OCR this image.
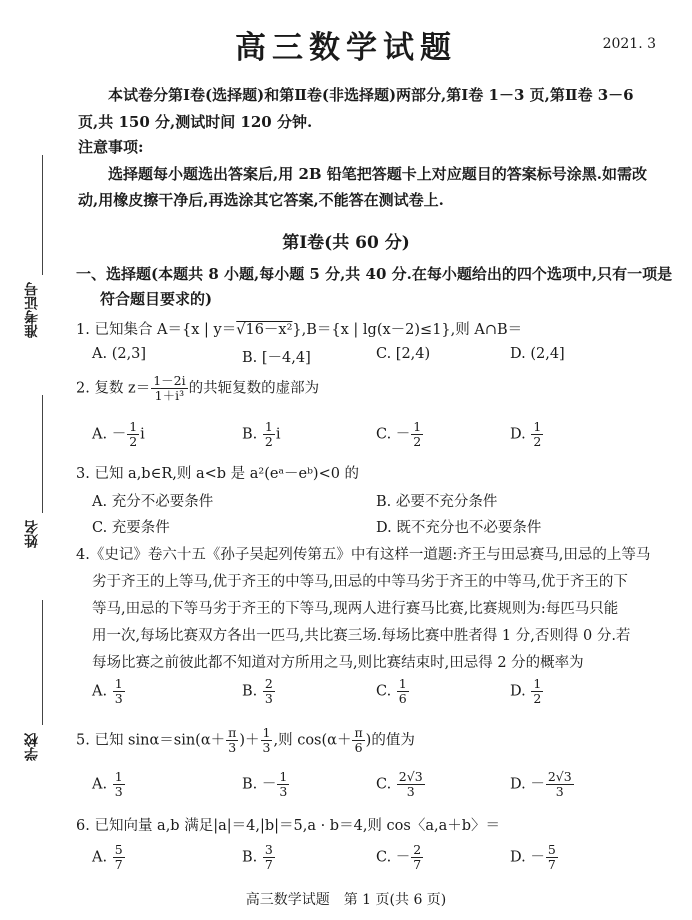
高三数学试题	2021. 3
本试卷分第Ⅰ卷(选择题)和第Ⅱ卷(非选择题)两部分,第Ⅰ卷 1－3 页,第Ⅱ卷 3－6
页,共 150 分,测试时间 120 分钟.
注意事项:
选择题每小题选出答案后,用 2B 铅笔把答题卡上对应题目的答案标号涂黑.如需改
动,用橡皮擦干净后,再选涂其它答案,不能答在测试卷上.
第Ⅰ卷(共 60 分)
一、选择题(本题共 8 小题,每小题 5 分,共 40 分.在每小题给出的四个选项中,只有一项是
符合题目要求的)
准考证号
姓名
学校
1. 已知集合 A＝{x | y＝√16－x²},B＝{x | lg(x－2)≤1},则 A∩B＝
A. (2,3]	B. [－4,4]	C. [2,4)	D. (2,4]
2. 复数 $z= \frac{1-2i}{\text{1＋i³}}$ 的共轭复数的虚部为
A. － $\frac{1}{2}$ i	B. $\frac{1}{2}$ i	C. － $\frac{1}{2}$	D. $\frac{1}{2}$
3. 已知 a,b∈R,则 a<b 是 a²(eᵃ－eᵇ)<0 的
A. 充分不必要条件	B. 必要不充分条件
C. 充要条件	D. 既不充分也不必要条件
4.《史记》卷六十五《孙子吴起列传第五》中有这样一道题:齐王与田忌赛马,田忌的上等马
劣于齐王的上等马,优于齐王的中等马,田忌的中等马劣于齐王的中等马,优于齐王的下
等马,田忌的下等马劣于齐王的下等马,现两人进行赛马比赛,比赛规则为:每匹马只能
用一次,每场比赛双方各出一匹马,共比赛三场.每场比赛中胜者得 1 分,否则得 0 分.若
每场比赛之前彼此都不知道对方所用之马,则比赛结束时,田忌得 2 分的概率为
A. $\frac{1}{3}$	B. $\frac{2}{3}$	C. $\frac{1}{6}$	D. $\frac{1}{2}$
5. 已知 $\sin\alpha=\sin(\alpha+ \frac{\pi}{3}$ )＋ $\frac{1}{3}$ ,则 $\cos(\alpha+ \frac{\pi}{6}$ )的值为
A. $\frac{1}{3}$	B. － $\frac{1}{3}$	C. $\frac{2√3}{3}$	D. － $\frac{2√3}{3}$
6. 已知向量 a,b 满足|a|＝4,|b|＝5,a · b＝4,则 cos〈a,a＋b〉＝
A. $\frac{5}{7}$	B. $\frac{3}{7}$	C. － $\frac{2}{7}$	D. － $\frac{5}{7}$
高三数学试题　第 1 页(共 6 页)
